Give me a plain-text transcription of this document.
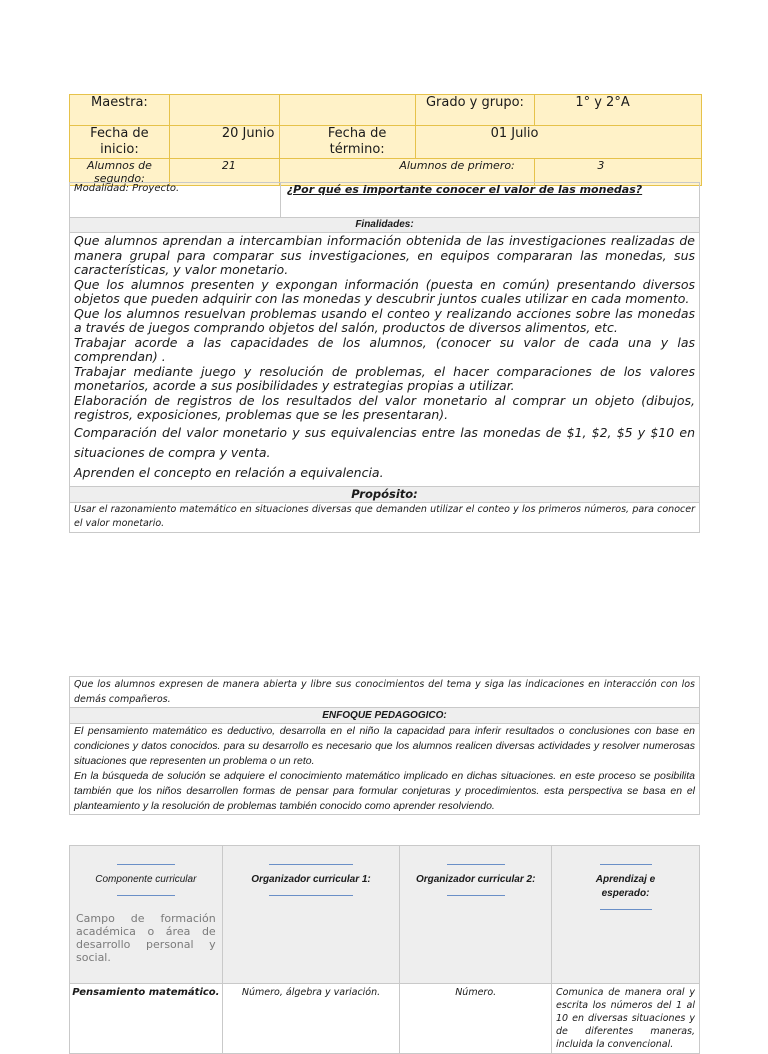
Maestra:			Grado y grupo:	1° y 2°A
Fecha de inicio:	20 Junio	Fecha de término:	01 Julio	
Alumnos de segundo:	21	Alumnos de primero:		3
Modalidad: Proyecto.	¿Por qué es importante conocer el valor de las monedas?
Finalidades:

Que alumnos aprendan a intercambian información obtenida de las investigaciones realizadas de manera grupal para comparar sus investigaciones, en equipos compararan las monedas, sus características, y valor monetario.

Que los alumnos presenten y expongan información (puesta en común) presentando diversos objetos que pueden adquirir con las monedas y descubrir juntos cuales utilizar en cada momento.

Que los alumnos resuelvan problemas usando el conteo y realizando acciones sobre las monedas a través de juegos comprando objetos del salón, productos de diversos alimentos, etc.

Trabajar acorde a las capacidades de los alumnos, (conocer su valor de cada una y las comprendan) .

Trabajar mediante juego y resolución de problemas, el hacer comparaciones de los valores monetarios, acorde a sus posibilidades y estrategias propias a utilizar.

Elaboración de registros de los resultados del valor monetario al comprar un objeto (dibujos, registros, exposiciones, problemas que se les presentaran).

Comparación del valor monetario y sus equivalencias entre las monedas de $1, $2, $5 y $10 en situaciones de compra y venta.

Aprenden el concepto en relación a equivalencia.

Propósito:
Usar el razonamiento matemático en situaciones diversas que demanden utilizar el conteo y los primeros números, para conocer el valor monetario.
Que los alumnos expresen de manera abierta y libre sus conocimientos del tema y siga las indicaciones en interacción con los demás compañeros.
ENFOQUE PEDAGOGICO:

El pensamiento matemático es deductivo, desarrolla en el niño la capacidad para inferir resultados o conclusiones con base en condiciones y datos conocidos. para su desarrollo es necesario que los alumnos realicen diversas actividades y resolver numerosas situaciones que representen un problema o un reto.
En la búsqueda de solución se adquiere el conocimiento matemático implicado en dichas situaciones. en este proceso se posibilita también que los niños desarrollen formas de pensar para formular conjeturas y procedimientos. esta perspectiva se basa en el planteamiento y la resolución de problemas también conocido como aprender resolviendo.
Componente curricular
Campo de formación académica o área de desarrollo personal y social.	Organizador curricular 1:	Organizador curricular 2:	Aprendizaj e esperado:

Pensamiento matemático.	Número, álgebra y variación.	Número.	Comunica de manera oral y escrita los números del 1 al 10 en diversas situaciones y de diferentes maneras, incluida la convencional.
